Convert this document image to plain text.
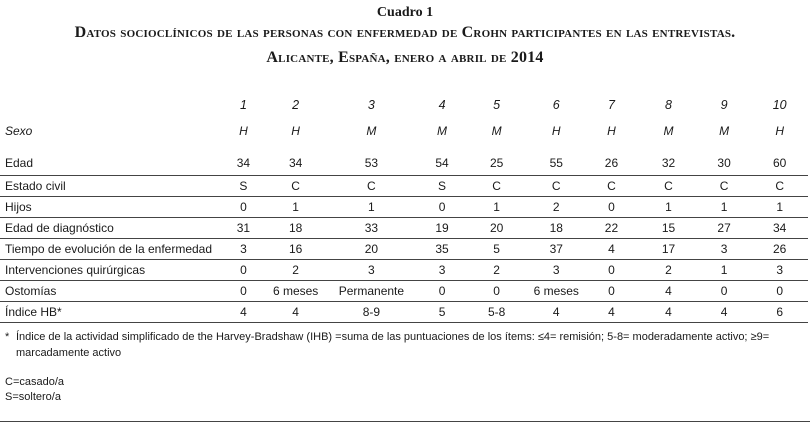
Cuadro 1
Datos socioclínicos de las personas con enfermedad de Crohn participantes en las entrevistas.
Alicante, España, enero a abril de 2014
	1	2	3	4	5	6	7	8	9	10
Sexo	H	H	M	M	M	H	H	M	M	H

Edad	34	34	53	54	25	55	26	32	30	60
Estado civil	S	C	C	S	C	C	C	C	C	C
Hijos	0	1	1	0	1	2	0	1	1	1
Edad de diagnóstico	31	18	33	19	20	18	22	15	27	34
Tiempo de evolución de la enfermedad	3	16	20	35	5	37	4	17	3	26
Intervenciones quirúrgicas	0	2	3	3	2	3	0	2	1	3
Ostomías	0	6 meses	Permanente	0	0	6 meses	0	4	0	0
Índice HB*	4	4	8-9	5	5-8	4	4	4	4	6
* Índice de la actividad simplificado de the Harvey-Bradshaw (IHB) =suma de las puntuaciones de los ítems: ≤4= remisión; 5-8= moderadamente activo; ≥9= marcadamente activo
C=casado/a
S=soltero/a
